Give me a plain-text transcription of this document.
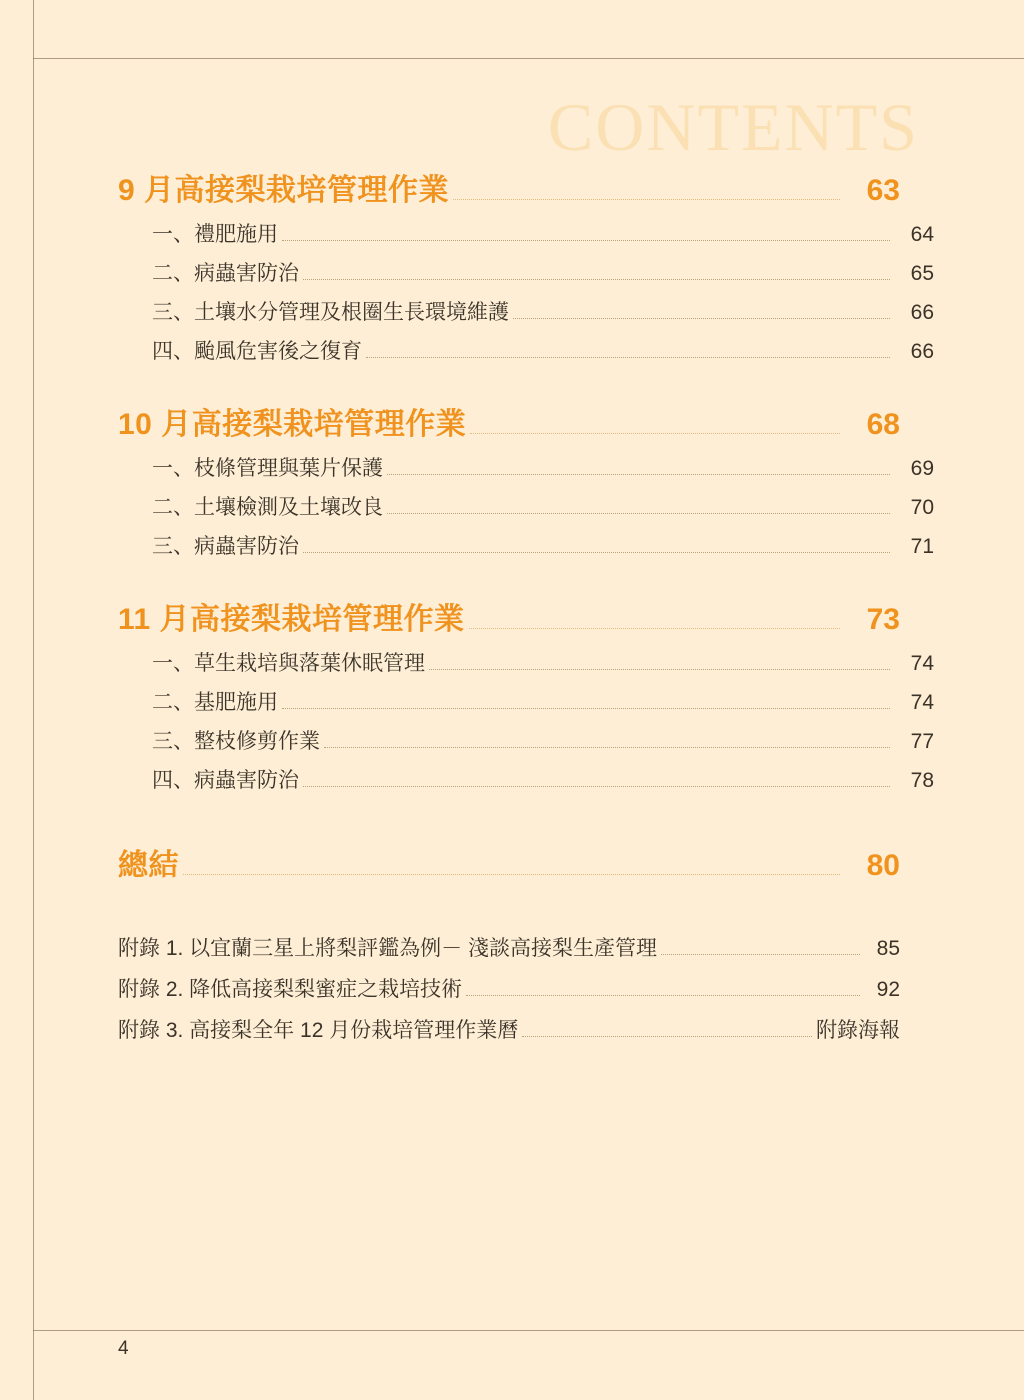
CONTENTS
9 月高接梨栽培管理作業	63
一、禮肥施用	64
二、病蟲害防治	65
三、土壤水分管理及根圈生長環境維護	66
四、颱風危害後之復育	66
10 月高接梨栽培管理作業	68
一、枝條管理與葉片保護	69
二、土壤檢測及土壤改良	70
三、病蟲害防治	71
11 月高接梨栽培管理作業	73
一、草生栽培與落葉休眠管理	74
二、基肥施用	74
三、整枝修剪作業	77
四、病蟲害防治	78
總結	80
附錄 1. 以宜蘭三星上將梨評鑑為例－ 淺談高接梨生產管理	85
附錄 2. 降低高接梨梨蜜症之栽培技術	92
附錄 3. 高接梨全年 12 月份栽培管理作業曆	附錄海報
4
